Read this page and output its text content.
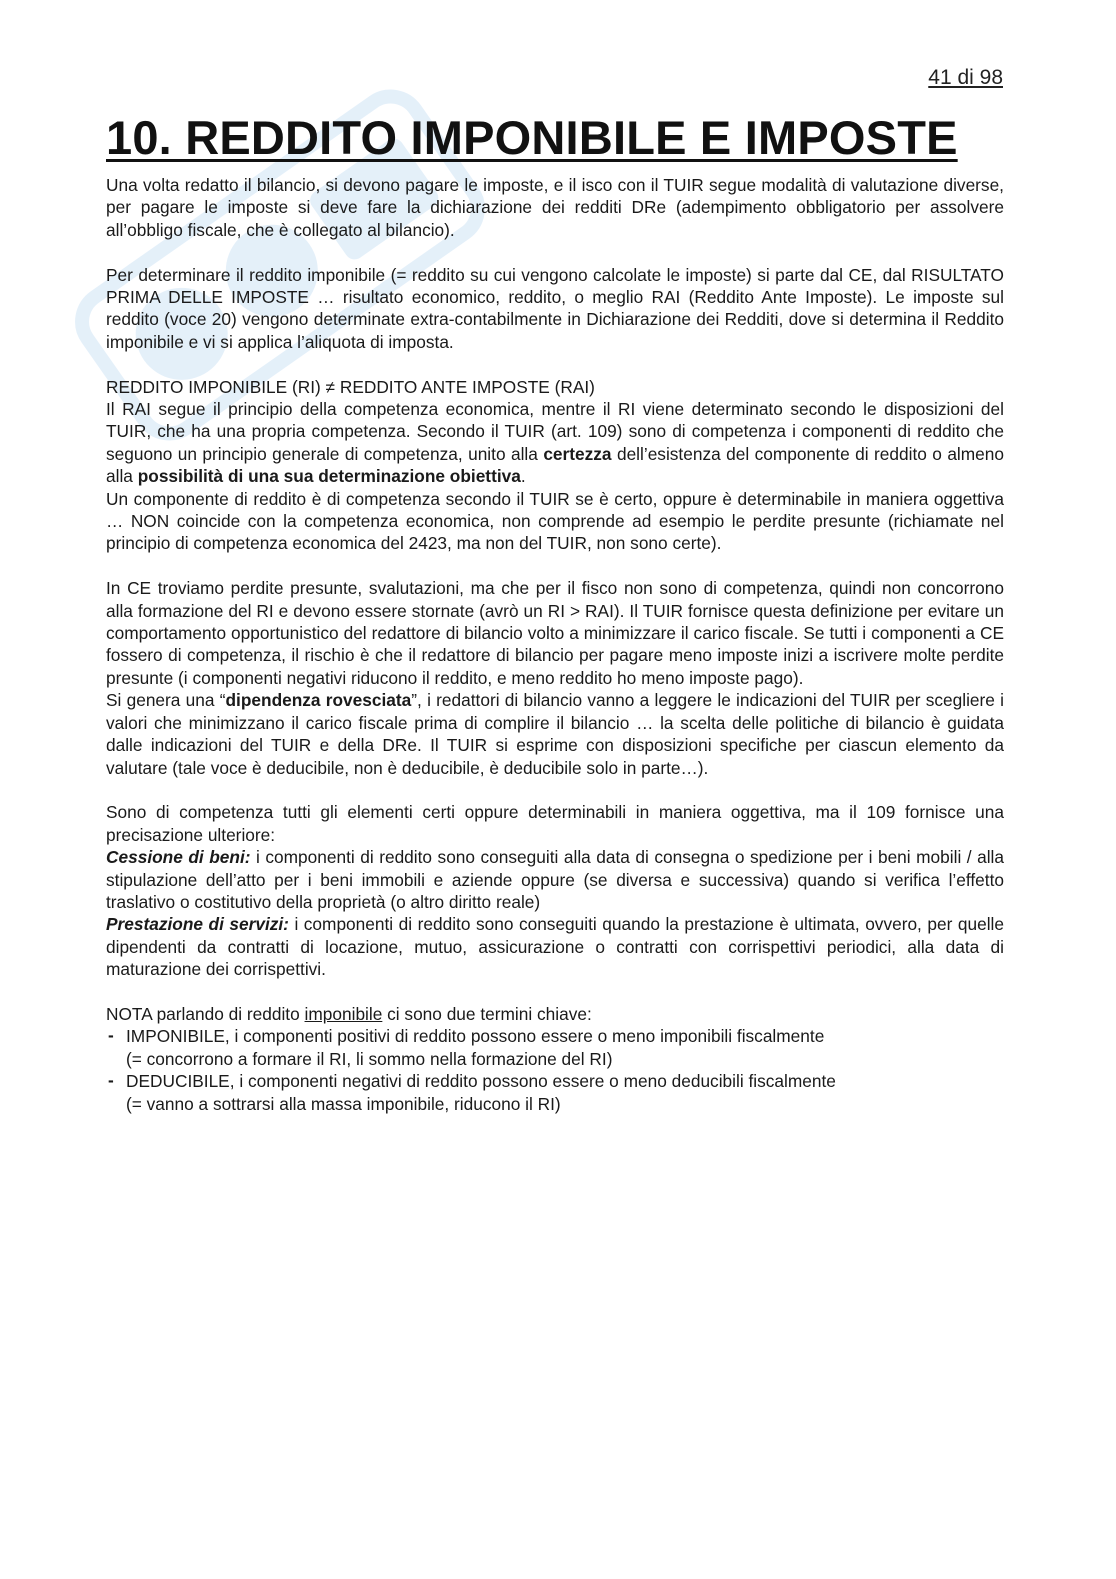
41 di 98
10. REDDITO IMPONIBILE E IMPOSTE

Una volta redatto il bilancio, si devono pagare le imposte, e il isco con il TUIR segue modalità di valutazione diverse, per pagare le imposte si deve fare la dichiarazione dei redditi DRe (adempimento obbligatorio per assolvere all’obbligo fiscale, che è collegato al bilancio).

Per determinare il reddito imponibile (= reddito su cui vengono calcolate le imposte) si parte dal CE, dal RISULTATO PRIMA DELLE IMPOSTE … risultato economico, reddito, o meglio RAI (Reddito Ante Imposte). Le imposte sul reddito (voce 20) vengono determinate extra-contabilmente in Dichiarazione dei Redditi, dove si determina il Reddito imponibile e vi si applica l’aliquota di imposta.

REDDITO IMPONIBILE (RI) ≠ REDDITO ANTE IMPOSTE (RAI)

Il RAI segue il principio della competenza economica, mentre il RI viene determinato secondo le disposizioni del TUIR, che ha una propria competenza. Secondo il TUIR (art. 109) sono di competenza i componenti di reddito che seguono un principio generale di competenza, unito alla certezza dell’esistenza del componente di reddito o almeno alla possibilità di una sua determinazione obiettiva.

Un componente di reddito è di competenza secondo il TUIR se è certo, oppure è determinabile in maniera oggettiva … NON coincide con la competenza economica, non comprende ad esempio le perdite presunte (richiamate nel principio di competenza economica del 2423, ma non del TUIR, non sono certe).

In CE troviamo perdite presunte, svalutazioni, ma che per il fisco non sono di competenza, quindi non concorrono alla formazione del RI e devono essere stornate (avrò un RI > RAI). Il TUIR fornisce questa definizione per evitare un comportamento opportunistico del redattore di bilancio volto a minimizzare il carico fiscale. Se tutti i componenti a CE fossero di competenza, il rischio è che il redattore di bilancio per pagare meno imposte inizi a iscrivere molte perdite presunte (i componenti negativi riducono il reddito, e meno reddito ho meno imposte pago).

Si genera una “dipendenza rovesciata”, i redattori di bilancio vanno a leggere le indicazioni del TUIR per scegliere i valori che minimizzano il carico fiscale prima di complire il bilancio … la scelta delle politiche di bilancio è guidata dalle indicazioni del TUIR e della DRe. Il TUIR si esprime con disposizioni specifiche per ciascun elemento da valutare (tale voce è deducibile, non è deducibile, è deducibile solo in parte…).

Sono di competenza tutti gli elementi certi oppure determinabili in maniera oggettiva, ma il 109 fornisce una precisazione ulteriore:

Cessione di beni: i componenti di reddito sono conseguiti alla data di consegna o spedizione per i beni mobili / alla stipulazione dell’atto per i beni immobili e aziende oppure (se diversa e successiva) quando si verifica l’effetto traslativo o costitutivo della proprietà (o altro diritto reale)

Prestazione di servizi: i componenti di reddito sono conseguiti quando la prestazione è ultimata, ovvero, per quelle dipendenti da contratti di locazione, mutuo, assicurazione o contratti con corrispettivi periodici, alla data di maturazione dei corrispettivi.

NOTA parlando di reddito imponibile ci sono due termini chiave:

- IMPONIBILE, i componenti positivi di reddito possono essere o meno imponibili fiscalmente
(= concorrono a formare il RI, li sommo nella formazione del RI)
- DEDUCIBILE, i componenti negativi di reddito possono essere o meno deducibili fiscalmente
(= vanno a sottrarsi alla massa imponibile, riducono il RI)
